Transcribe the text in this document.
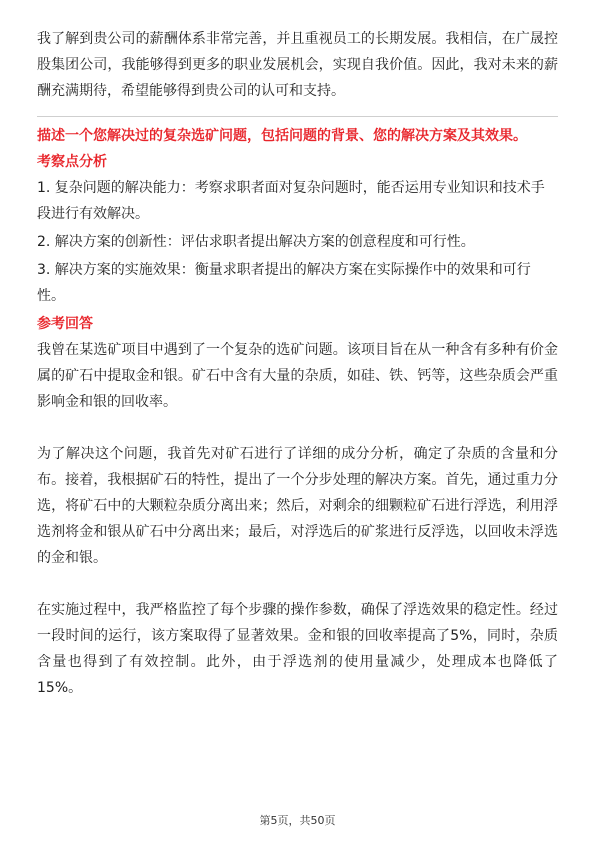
我了解到贵公司的薪酬体系非常完善，并且重视员工的长期发展。我相信，在广晟控股集团公司，我能够得到更多的职业发展机会，实现自我价值。因此，我对未来的薪酬充满期待，希望能够得到贵公司的认可和支持。

描述一个您解决过的复杂选矿问题，包括问题的背景、您的解决方案及其效果。

考察点分析

1. 复杂问题的解决能力：考察求职者面对复杂问题时，能否运用专业知识和技术手段进行有效解决。
2. 解决方案的创新性：评估求职者提出解决方案的创意程度和可行性。
3. 解决方案的实施效果：衡量求职者提出的解决方案在实际操作中的效果和可行性。

参考回答

我曾在某选矿项目中遇到了一个复杂的选矿问题。该项目旨在从一种含有多种有价金属的矿石中提取金和银。矿石中含有大量的杂质，如硅、铁、钙等，这些杂质会严重影响金和银的回收率。

为了解决这个问题，我首先对矿石进行了详细的成分分析，确定了杂质的含量和分布。接着，我根据矿石的特性，提出了一个分步处理的解决方案。首先，通过重力分选，将矿石中的大颗粒杂质分离出来；然后，对剩余的细颗粒矿石进行浮选，利用浮选剂将金和银从矿石中分离出来；最后，对浮选后的矿浆进行反浮选，以回收未浮选的金和银。

在实施过程中，我严格监控了每个步骤的操作参数，确保了浮选效果的稳定性。经过一段时间的运行，该方案取得了显著效果。金和银的回收率提高了5%，同时，杂质含量也得到了有效控制。此外，由于浮选剂的使用量减少，处理成本也降低了15%。

第5页，共50页
